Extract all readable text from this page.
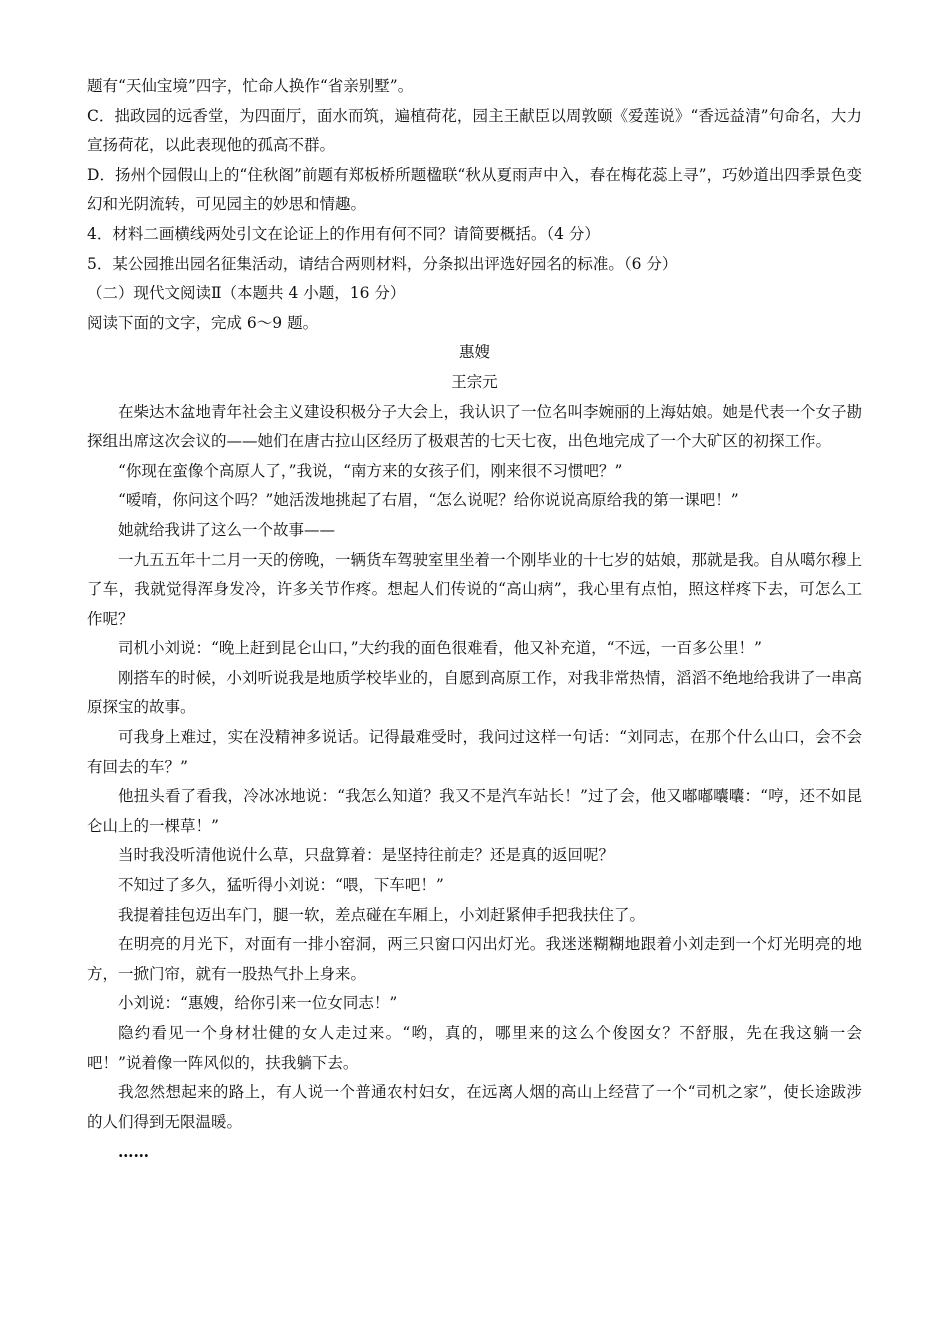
题有“天仙宝境”四字，忙命人换作“省亲别墅”。
C．拙政园的远香堂，为四面厅，面水而筑，遍植荷花，园主王献臣以周敦颐《爱莲说》“香远益清”句命名，大力宣扬荷花，以此表现他的孤高不群。
D．扬州个园假山上的“住秋阁”前题有郑板桥所题楹联“秋从夏雨声中入，春在梅花蕊上寻”，巧妙道出四季景色变幻和光阴流转，可见园主的妙思和情趣。
4．材料二画横线两处引文在论证上的作用有何不同？请简要概括。（4 分）
5．某公园推出园名征集活动，请结合两则材料，分条拟出评选好园名的标准。（6 分）
（二）现代文阅读Ⅱ（本题共 4 小题，16 分）
阅读下面的文字，完成 6～9 题。
惠嫂
王宗元
在柴达木盆地青年社会主义建设积极分子大会上，我认识了一位名叫李婉丽的上海姑娘。她是代表一个女子勘探组出席这次会议的——她们在唐古拉山区经历了极艰苦的七天七夜，出色地完成了一个大矿区的初探工作。
“你现在蛮像个高原人了，”我说，“南方来的女孩子们，刚来很不习惯吧？”
“嗳唷，你问这个吗？”她活泼地挑起了右眉，“怎么说呢？给你说说高原给我的第一课吧！”
她就给我讲了这么一个故事——
一九五五年十二月一天的傍晚，一辆货车驾驶室里坐着一个刚毕业的十七岁的姑娘，那就是我。自从噶尔穆上了车，我就觉得浑身发冷，许多关节作疼。想起人们传说的“高山病”，我心里有点怕，照这样疼下去，可怎么工作呢？
司机小刘说：“晚上赶到昆仑山口，”大约我的面色很难看，他又补充道，“不远，一百多公里！”
刚搭车的时候，小刘听说我是地质学校毕业的，自愿到高原工作，对我非常热情，滔滔不绝地给我讲了一串高原探宝的故事。
可我身上难过，实在没精神多说话。记得最难受时，我问过这样一句话：“刘同志，在那个什么山口，会不会有回去的车？”
他扭头看了看我，冷冰冰地说：“我怎么知道？我又不是汽车站长！”过了会，他又嘟嘟囔囔：“哼，还不如昆仑山上的一棵草！”
当时我没听清他说什么草，只盘算着：是坚持往前走？还是真的返回呢？
不知过了多久，猛听得小刘说：“喂，下车吧！”
我提着挂包迈出车门，腿一软，差点碰在车厢上，小刘赶紧伸手把我扶住了。
在明亮的月光下，对面有一排小窑洞，两三只窗口闪出灯光。我迷迷糊糊地跟着小刘走到一个灯光明亮的地方，一掀门帘，就有一股热气扑上身来。
小刘说：“惠嫂，给你引来一位女同志！”
隐约看见一个身材壮健的女人走过来。“哟，真的，哪里来的这么个俊囡女？不舒服，先在我这躺一会吧！”说着像一阵风似的，扶我躺下去。
我忽然想起来的路上，有人说一个普通农村妇女，在远离人烟的高山上经营了一个“司机之家”，使长途跋涉的人们得到无限温暖。
……
